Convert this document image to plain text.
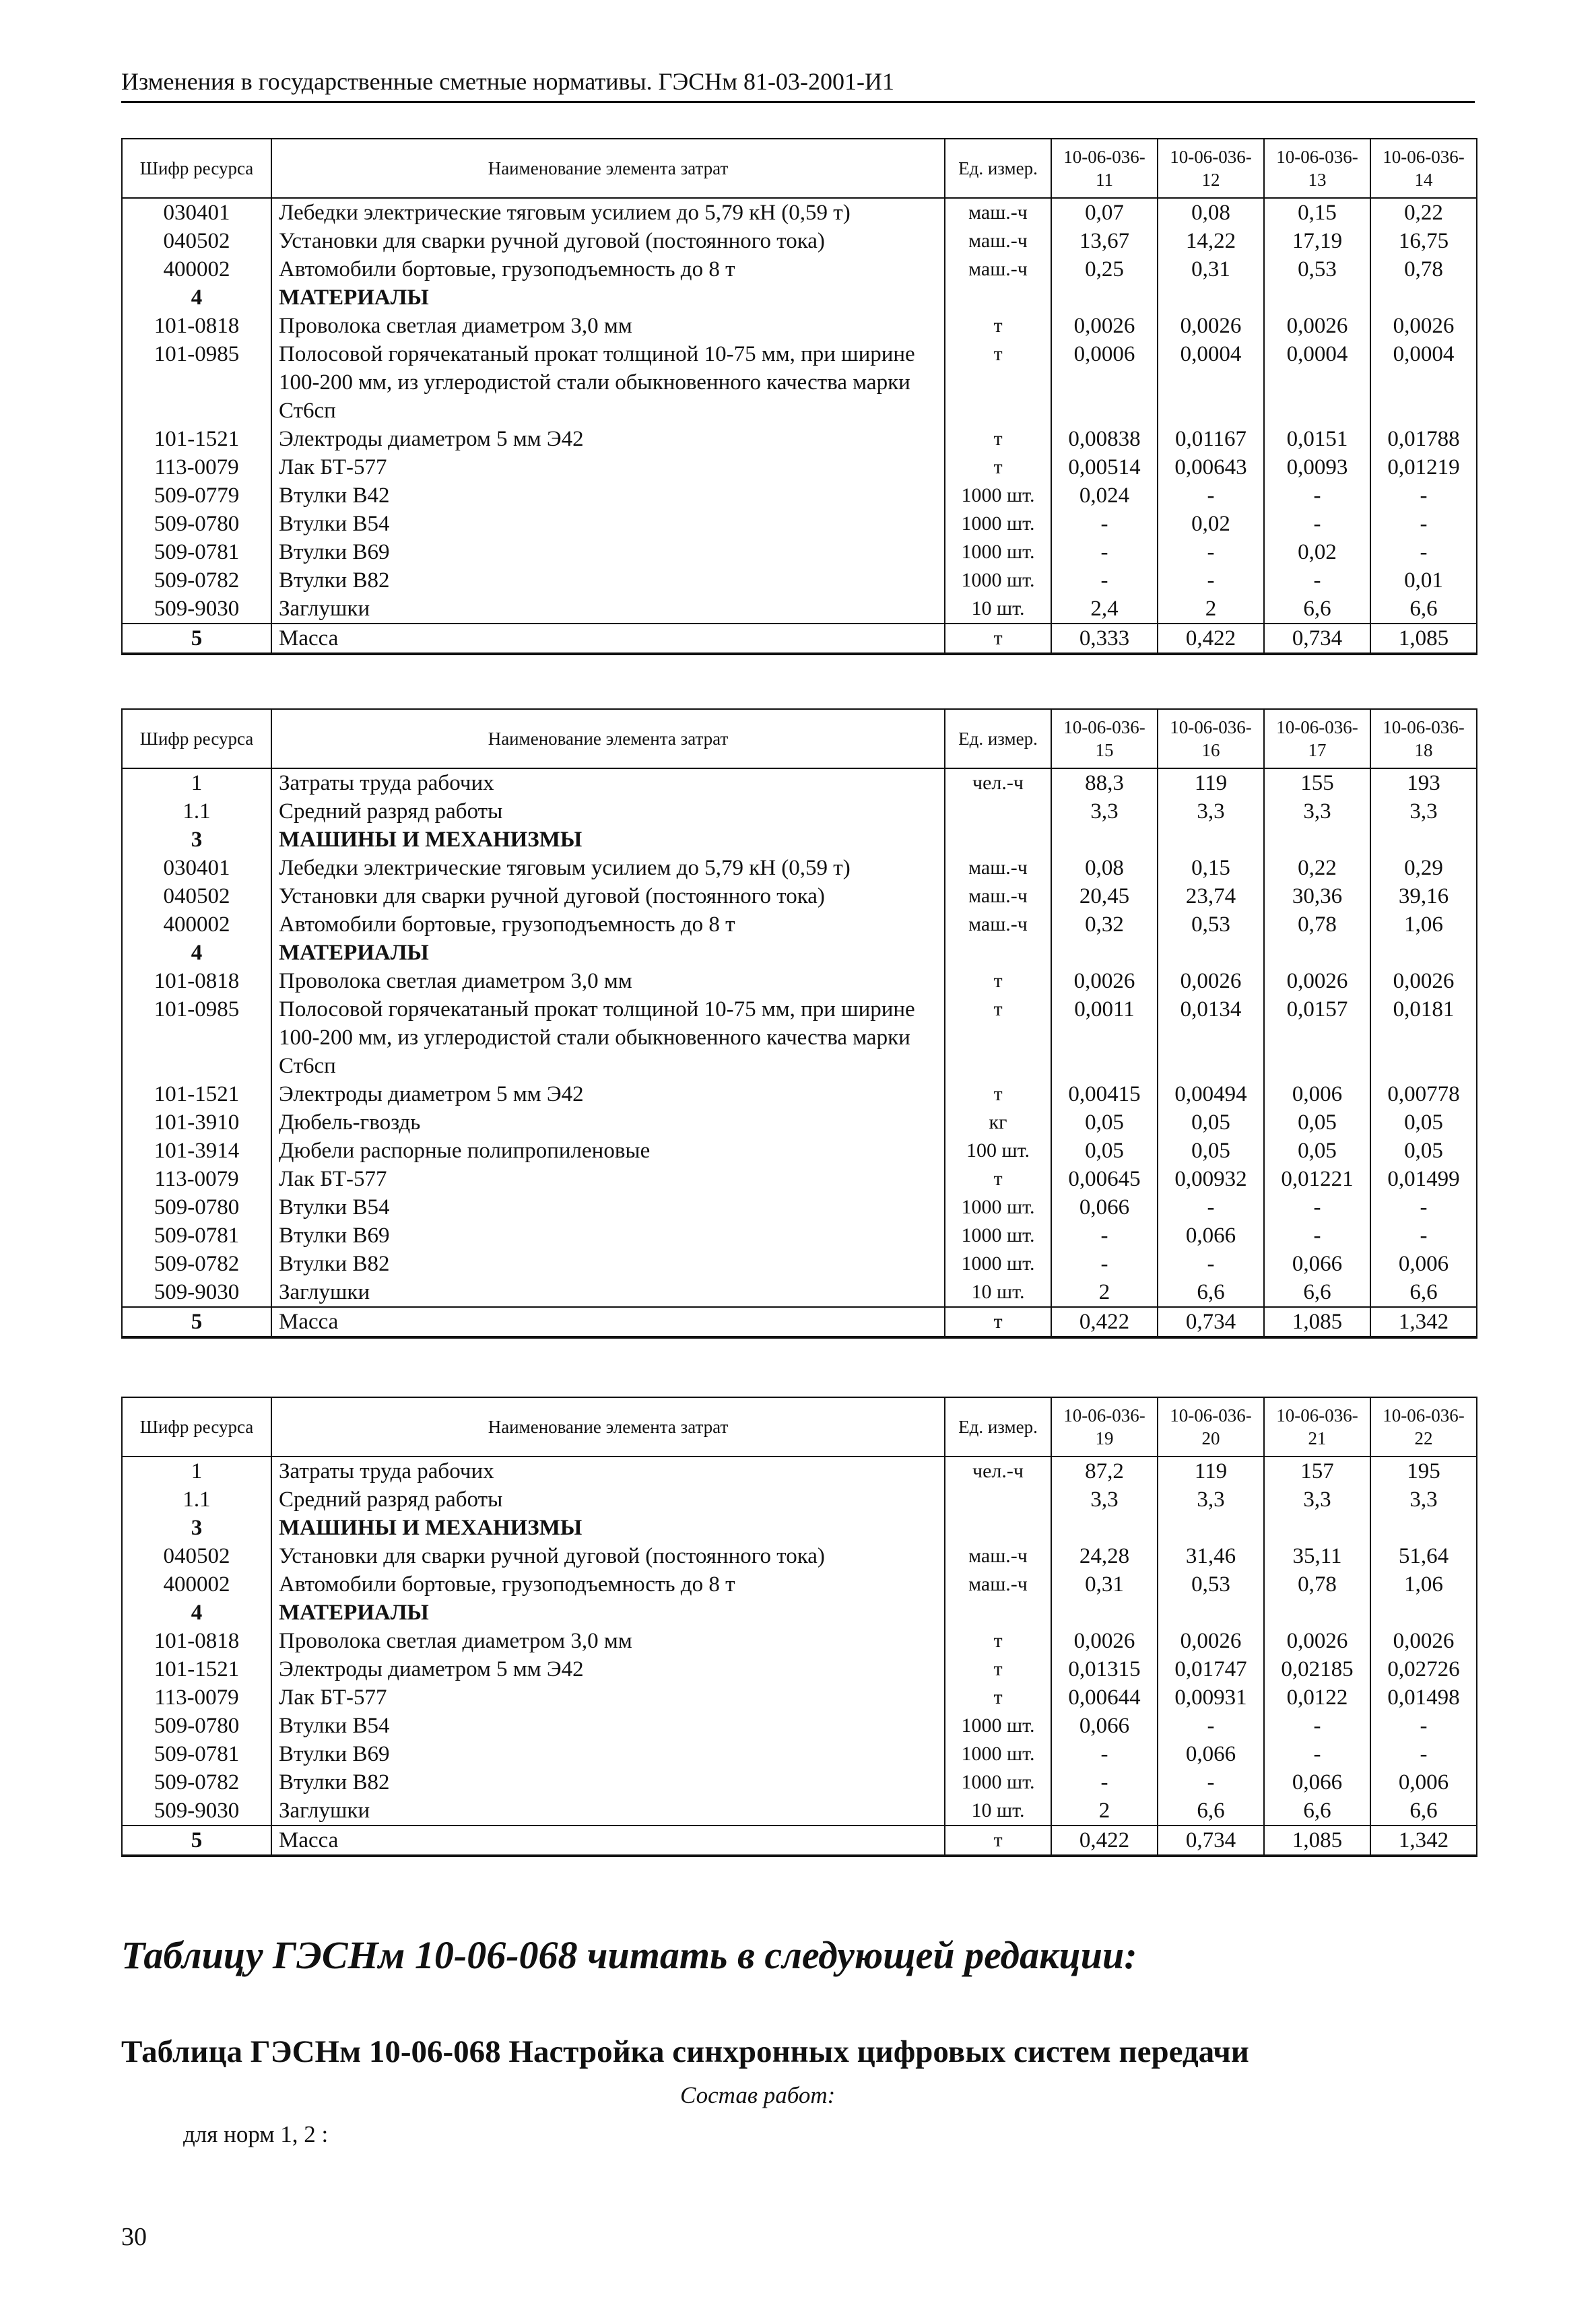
Изменения в государственные сметные нормативы. ГЭСНм 81-03-2001-И1
Шифр ресурса	Наименование элемента затрат	Ед. измер.	10-06-036-11	10-06-036-12	10-06-036-13	10-06-036-14
030401	Лебедки электрические тяговым усилием до 5,79 кН (0,59 т)	маш.-ч	0,07	0,08	0,15	0,22
040502	Установки для сварки ручной дуговой (постоянного тока)	маш.-ч	13,67	14,22	17,19	16,75
400002	Автомобили бортовые, грузоподъемность до 8 т	маш.-ч	0,25	0,31	0,53	0,78
4	МАТЕРИАЛЫ					
101-0818	Проволока светлая диаметром 3,0 мм	т	0,0026	0,0026	0,0026	0,0026
101-0985	Полосовой горячекатаный прокат толщиной 10-75 мм, при ширине 100-200 мм, из углеродистой стали обыкновенного качества марки Ст6сп	т	0,0006	0,0004	0,0004	0,0004
101-1521	Электроды диаметром 5 мм Э42	т	0,00838	0,01167	0,0151	0,01788
113-0079	Лак БТ-577	т	0,00514	0,00643	0,0093	0,01219
509-0779	Втулки В42	1000 шт.	0,024	-	-	-
509-0780	Втулки В54	1000 шт.	-	0,02	-	-
509-0781	Втулки В69	1000 шт.	-	-	0,02	-
509-0782	Втулки В82	1000 шт.	-	-	-	0,01
509-9030	Заглушки	10 шт.	2,4	2	6,6	6,6
5	Масса	т	0,333	0,422	0,734	1,085
Шифр ресурса	Наименование элемента затрат	Ед. измер.	10-06-036-15	10-06-036-16	10-06-036-17	10-06-036-18
1	Затраты труда рабочих	чел.-ч	88,3	119	155	193
1.1	Средний разряд работы		3,3	3,3	3,3	3,3
3	МАШИНЫ И МЕХАНИЗМЫ					
030401	Лебедки электрические тяговым усилием до 5,79 кН (0,59 т)	маш.-ч	0,08	0,15	0,22	0,29
040502	Установки для сварки ручной дуговой (постоянного тока)	маш.-ч	20,45	23,74	30,36	39,16
400002	Автомобили бортовые, грузоподъемность до 8 т	маш.-ч	0,32	0,53	0,78	1,06
4	МАТЕРИАЛЫ					
101-0818	Проволока светлая диаметром 3,0 мм	т	0,0026	0,0026	0,0026	0,0026
101-0985	Полосовой горячекатаный прокат толщиной 10-75 мм, при ширине 100-200 мм, из углеродистой стали обыкновенного качества марки Ст6сп	т	0,0011	0,0134	0,0157	0,0181
101-1521	Электроды диаметром 5 мм Э42	т	0,00415	0,00494	0,006	0,00778
101-3910	Дюбель-гвоздь	кг	0,05	0,05	0,05	0,05
101-3914	Дюбели распорные полипропиленовые	100 шт.	0,05	0,05	0,05	0,05
113-0079	Лак БТ-577	т	0,00645	0,00932	0,01221	0,01499
509-0780	Втулки В54	1000 шт.	0,066	-	-	-
509-0781	Втулки В69	1000 шт.	-	0,066	-	-
509-0782	Втулки В82	1000 шт.	-	-	0,066	0,006
509-9030	Заглушки	10 шт.	2	6,6	6,6	6,6
5	Масса	т	0,422	0,734	1,085	1,342
Шифр ресурса	Наименование элемента затрат	Ед. измер.	10-06-036-19	10-06-036-20	10-06-036-21	10-06-036-22
1	Затраты труда рабочих	чел.-ч	87,2	119	157	195
1.1	Средний разряд работы		3,3	3,3	3,3	3,3
3	МАШИНЫ И МЕХАНИЗМЫ					
040502	Установки для сварки ручной дуговой (постоянного тока)	маш.-ч	24,28	31,46	35,11	51,64
400002	Автомобили бортовые, грузоподъемность до 8 т	маш.-ч	0,31	0,53	0,78	1,06
4	МАТЕРИАЛЫ					
101-0818	Проволока светлая диаметром 3,0 мм	т	0,0026	0,0026	0,0026	0,0026
101-1521	Электроды диаметром 5 мм Э42	т	0,01315	0,01747	0,02185	0,02726
113-0079	Лак БТ-577	т	0,00644	0,00931	0,0122	0,01498
509-0780	Втулки В54	1000 шт.	0,066	-	-	-
509-0781	Втулки В69	1000 шт.	-	0,066	-	-
509-0782	Втулки В82	1000 шт.	-	-	0,066	0,006
509-9030	Заглушки	10 шт.	2	6,6	6,6	6,6
5	Масса	т	0,422	0,734	1,085	1,342
Таблицу ГЭСНм 10-06-068 читать в следующей редакции:
Таблица ГЭСНм 10-06-068 Настройка синхронных цифровых систем передачи
Состав работ:
для норм 1, 2 :
30
